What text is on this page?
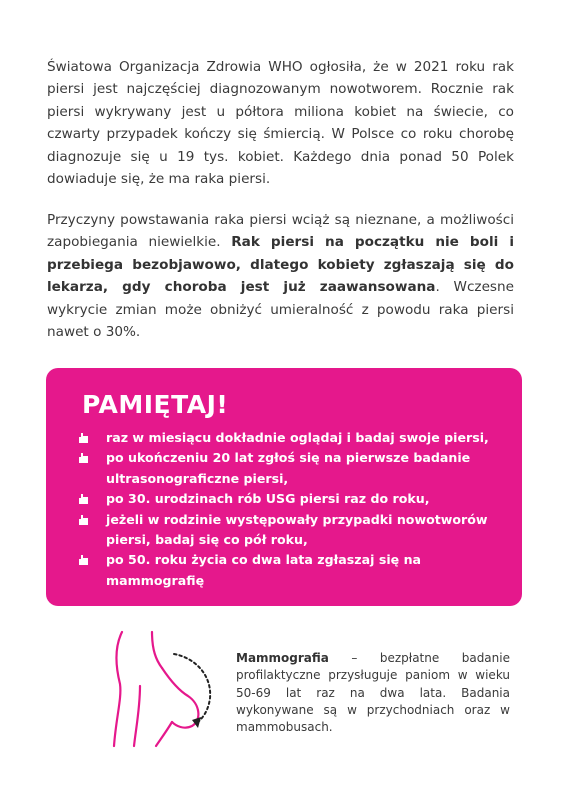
Światowa Organizacja Zdrowia WHO ogłosiła, że w 2021 roku rak piersi jest najczęściej diagnozowanym nowotworem. Rocznie rak piersi wykrywany jest u półtora miliona kobiet na świecie, co czwarty przypadek kończy się śmiercią. W Polsce co roku chorobę diagnozuje się u 19 tys. kobiet. Każdego dnia ponad 50 Polek dowiaduje się, że ma raka piersi.

Przyczyny powstawania raka piersi wciąż są nieznane, a możliwości zapobiegania niewielkie. Rak piersi na początku nie boli i przebiega bezobjawowo, dlatego kobiety zgłaszają się do lekarza, gdy choroba jest już zaawansowana. Wczesne wykrycie zmian może obniżyć umieralność z powodu raka piersi nawet o 30%.

PAMIĘTAJ!
raz w miesiącu dokładnie oglądaj i badaj swoje piersi,
po ukończeniu 20 lat zgłoś się na pierwsze badanie ultrasonograficzne piersi,
po 30. urodzinach rób USG piersi raz do roku,
jeżeli w rodzinie występowały przypadki nowotworów piersi, badaj się co pół roku,
po 50. roku życia co dwa lata zgłaszaj się na mammografię
Mammografia – bezpłatne badanie profilaktyczne przysługuje paniom w wieku 50-69 lat raz na dwa lata. Badania wykonywane są w przychodniach oraz w mammobusach.
